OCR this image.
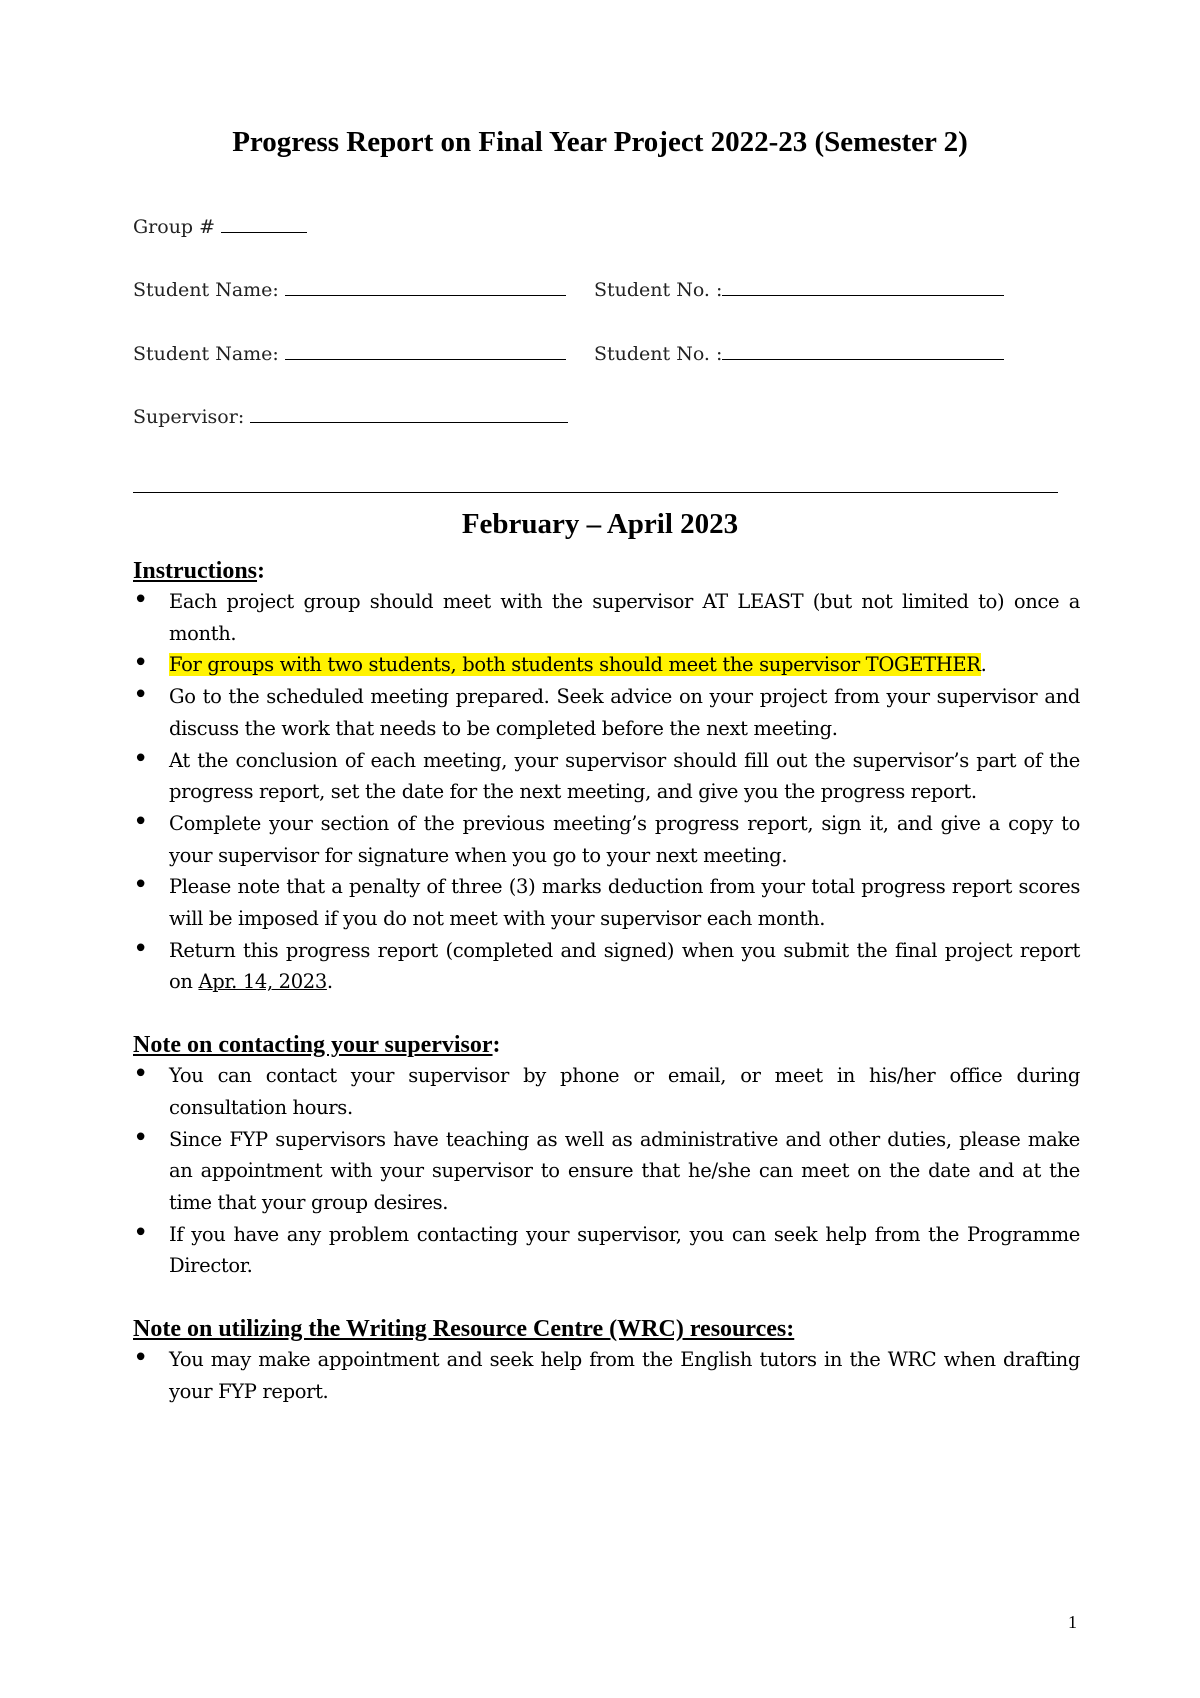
Progress Report on Final Year Project 2022-23 (Semester 2)
Group #
Student Name:	Student No. :
Student Name:	Student No. :
Supervisor:
February – April 2023

Instructions:

• Each project group should meet with the supervisor AT LEAST (but not limited to) once a month.
• For groups with two students, both students should meet the supervisor TOGETHER.
• Go to the scheduled meeting prepared. Seek advice on your project from your supervisor and discuss the work that needs to be completed before the next meeting.
• At the conclusion of each meeting, your supervisor should fill out the supervisor’s part of the progress report, set the date for the next meeting, and give you the progress report.
• Complete your section of the previous meeting’s progress report, sign it, and give a copy to your supervisor for signature when you go to your next meeting.
• Please note that a penalty of three (3) marks deduction from your total progress report scores will be imposed if you do not meet with your supervisor each month.
• Return this progress report (completed and signed) when you submit the final project report on Apr. 14, 2023.

Note on contacting your supervisor:

• You can contact your supervisor by phone or email, or meet in his/her office during consultation hours.
• Since FYP supervisors have teaching as well as administrative and other duties, please make an appointment with your supervisor to ensure that he/she can meet on the date and at the time that your group desires.
• If you have any problem contacting your supervisor, you can seek help from the Programme Director.

Note on utilizing the Writing Resource Centre (WRC) resources:

• You may make appointment and seek help from the English tutors in the WRC when drafting your FYP report.
1
